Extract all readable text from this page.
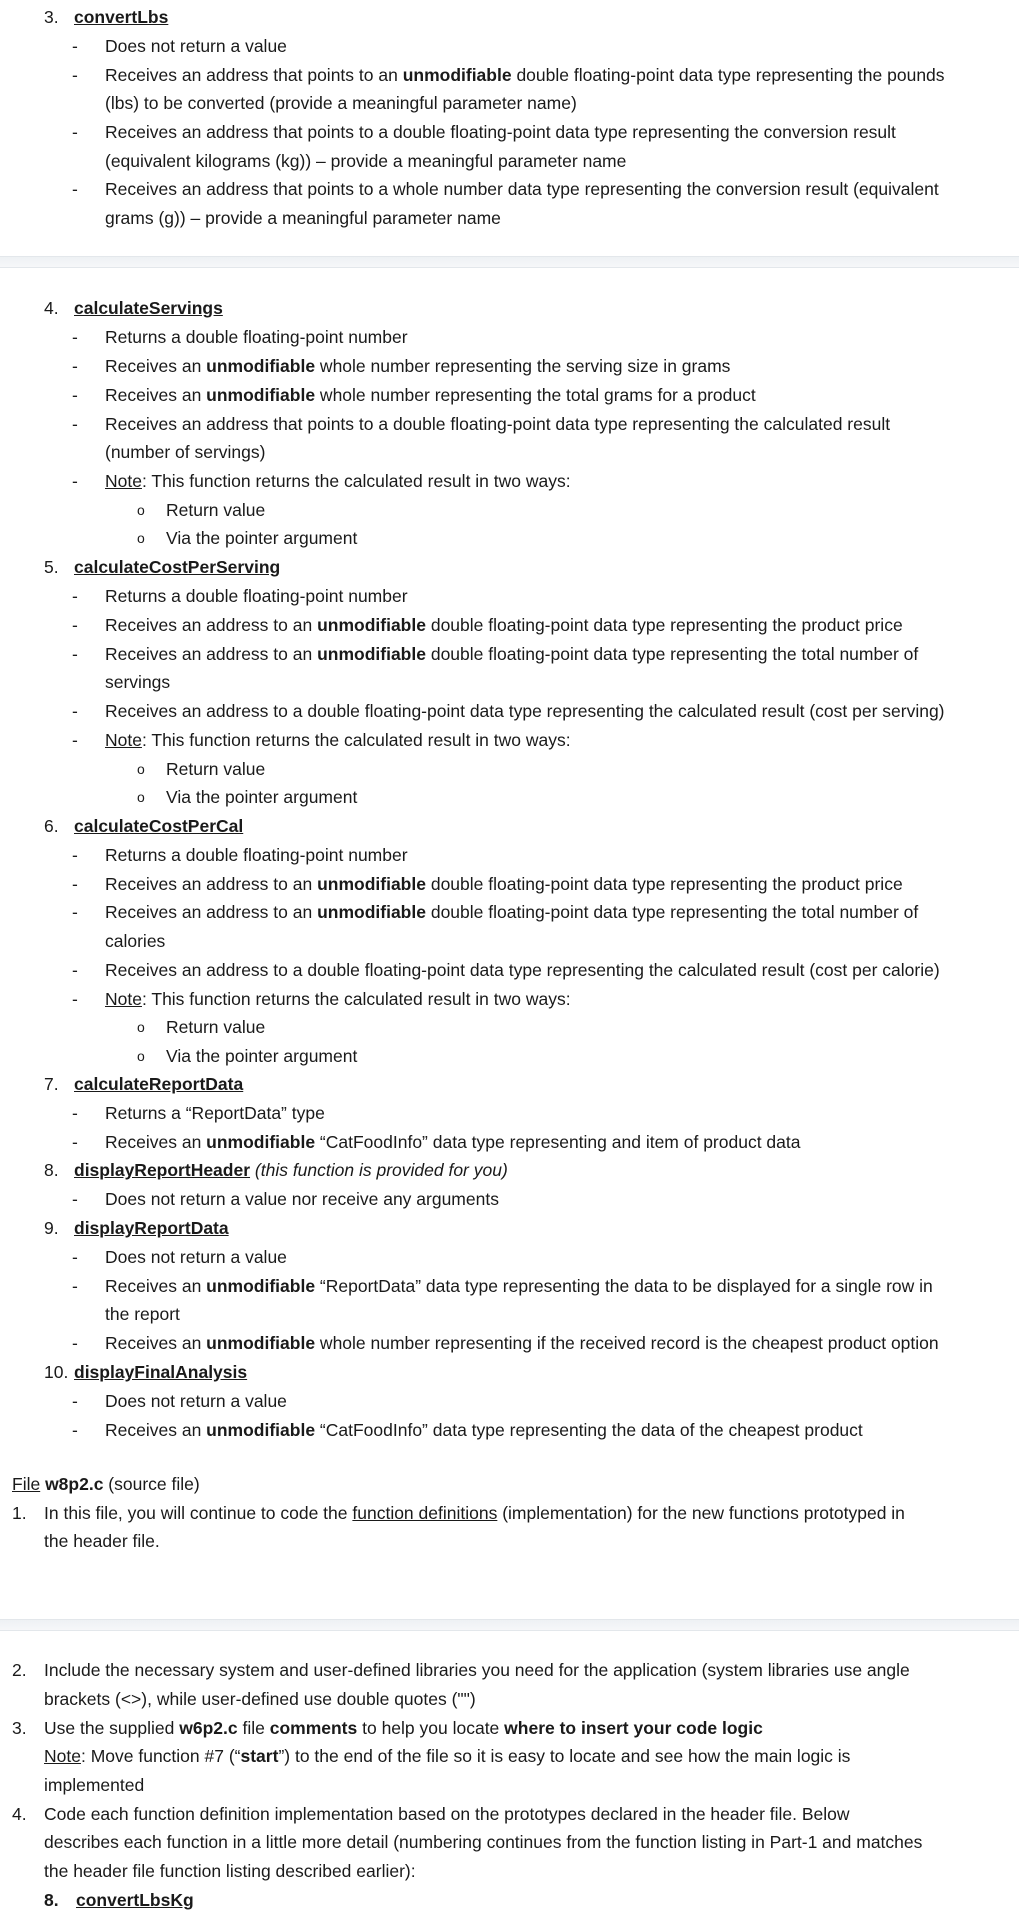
3. convertLbs
- Does not return a value
- Receives an address that points to an unmodifiable double floating-point data type representing the pounds
(lbs) to be converted (provide a meaningful parameter name)
- Receives an address that points to a double floating-point data type representing the conversion result
(equivalent kilograms (kg)) – provide a meaningful parameter name
- Receives an address that points to a whole number data type representing the conversion result (equivalent
grams (g)) – provide a meaningful parameter name
4. calculateServings
- Returns a double floating-point number
- Receives an unmodifiable whole number representing the serving size in grams
- Receives an unmodifiable whole number representing the total grams for a product
- Receives an address that points to a double floating-point data type representing the calculated result
(number of servings)
- Note: This function returns the calculated result in two ways:
o Return value
o Via the pointer argument
5. calculateCostPerServing
- Returns a double floating-point number
- Receives an address to an unmodifiable double floating-point data type representing the product price
- Receives an address to an unmodifiable double floating-point data type representing the total number of
servings
- Receives an address to a double floating-point data type representing the calculated result (cost per serving)
- Note: This function returns the calculated result in two ways:
o Return value
o Via the pointer argument
6. calculateCostPerCal
- Returns a double floating-point number
- Receives an address to an unmodifiable double floating-point data type representing the product price
- Receives an address to an unmodifiable double floating-point data type representing the total number of
calories
- Receives an address to a double floating-point data type representing the calculated result (cost per calorie)
- Note: This function returns the calculated result in two ways:
o Return value
o Via the pointer argument
7. calculateReportData
- Returns a “ReportData” type
- Receives an unmodifiable “CatFoodInfo” data type representing and item of product data
8. displayReportHeader (this function is provided for you)
- Does not return a value nor receive any arguments
9. displayReportData
- Does not return a value
- Receives an unmodifiable “ReportData” data type representing the data to be displayed for a single row in
the report
- Receives an unmodifiable whole number representing if the received record is the cheapest product option
10. displayFinalAnalysis
- Does not return a value
- Receives an unmodifiable “CatFoodInfo” data type representing the data of the cheapest product
File w8p2.c (source file)
1. In this file, you will continue to code the function definitions (implementation) for the new functions prototyped in
the header file.
2. Include the necessary system and user-defined libraries you need for the application (system libraries use angle
brackets (<>), while user-defined use double quotes ("")
3. Use the supplied w6p2.c file comments to help you locate where to insert your code logic
Note: Move function #7 (“start”) to the end of the file so it is easy to locate and see how the main logic is
implemented
4. Code each function definition implementation based on the prototypes declared in the header file. Below
describes each function in a little more detail (numbering continues from the function listing in Part-1 and matches
the header file function listing described earlier):
8. convertLbsKg
